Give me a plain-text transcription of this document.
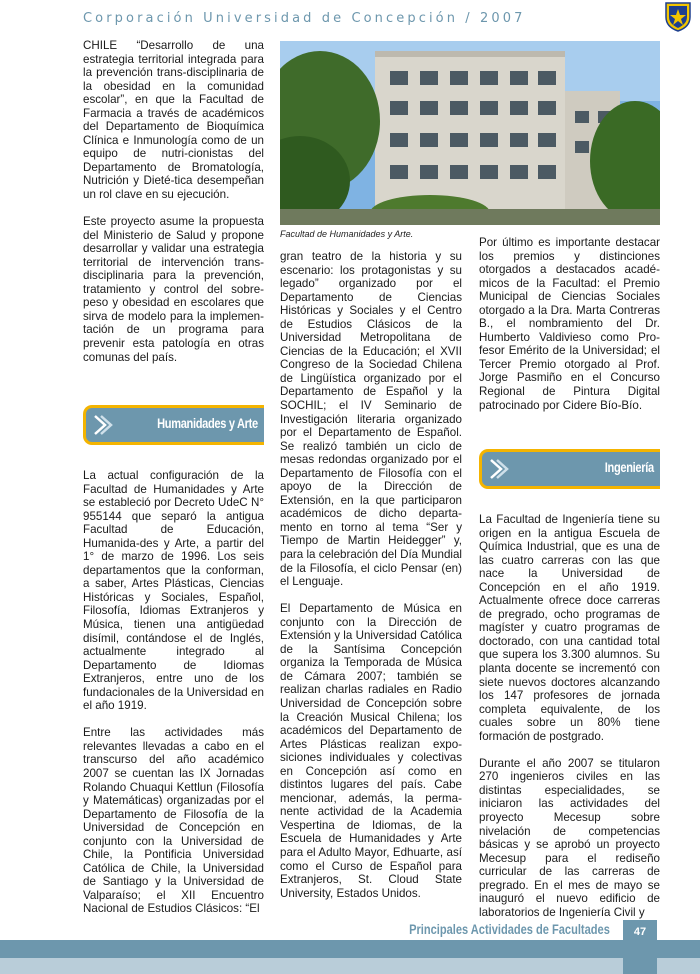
Corporación Universidad de Concepción / 2007

CHILE “Desarrollo de una estrategia territorial integrada para la prevención trans-disciplinaria de la obesidad en la comunidad escolar”, en que la Facultad de Farmacia a través de académicos del Departamento de Bioquímica Clínica e Inmunología como de un equipo de nutri-cionistas del Departamento de Bromatología, Nutrición y Dieté-tica desempeñan un rol clave en su ejecución.

Este proyecto asume la propuesta del Ministerio de Salud y propone desarrollar y validar una estrategia territorial de intervención trans-disciplinaria para la prevención, tratamiento y control del sobre-peso y obesidad en escolares que sirva de modelo para la implemen-tación de un programa para prevenir esta patología en otras comunas del país.

Humanidades y Arte

La actual configuración de la Facultad de Humanidades y Arte se estableció por Decreto UdeC N° 955144 que separó la antigua Facultad de Educación, Humanida-des y Arte, a partir del 1° de marzo de 1996. Los seis departamentos que la conforman, a saber, Artes Plásticas, Ciencias Históricas y Sociales, Español, Filosofía, Idiomas Extranjeros y Música, tienen una antigüedad disímil, contándose el de Inglés, actualmente integrado al Departamento de Idiomas Extranjeros, entre uno de los fundacionales de la Universidad en el año 1919.

Entre las actividades más relevantes llevadas a cabo en el transcurso del año académico 2007 se cuentan las IX Jornadas Rolando Chuaqui Kettlun (Filosofía y Matemáticas) organizadas por el Departamento de Filosofía de la Universidad de Concepción en conjunto con la Universidad de Chile, la Pontificia Universidad Católica de Chile, la Universidad de Santiago y la Universidad de Valparaíso; el XII Encuentro Nacional de Estudios Clásicos: “El

Facultad de Humanidades y Arte.

gran teatro de la historia y su escenario: los protagonistas y su legado” organizado por el Departamento de Ciencias Históricas y Sociales y el Centro de Estudios Clásicos de la Universidad Metropolitana de Ciencias de la Educación; el XVII Congreso de la Sociedad Chilena de Lingüística organizado por el Departamento de Español y la SOCHIL; el IV Seminario de Investigación literaria organizado por el Departamento de Español. Se realizó también un ciclo de mesas redondas organizado por el Departamento de Filosofía con el apoyo de la Dirección de Extensión, en la que participaron académicos de dicho departa-mento en torno al tema “Ser y Tiempo de Martin Heidegger” y, para la celebración del Día Mundial de la Filosofía, el ciclo Pensar (en) el Lenguaje.

El Departamento de Música en conjunto con la Dirección de Extensión y la Universidad Católica de la Santísima Concepción organiza la Temporada de Música de Cámara 2007; también se realizan charlas radiales en Radio Universidad de Concepción sobre la Creación Musical Chilena; los académicos del Departamento de Artes Plásticas realizan expo-siciones individuales y colectivas en Concepción así como en distintos lugares del país. Cabe mencionar, además, la perma-nente actividad de la Academia Vespertina de Idiomas, de la Escuela de Humanidades y Arte para el Adulto Mayor, Edhuarte, así como el Curso de Español para Extranjeros, St. Cloud State University, Estados Unidos.

Por último es importante destacar los premios y distinciones otorgados a destacados acadé-micos de la Facultad: el Premio Municipal de Ciencias Sociales otorgado a la Dra. Marta Contreras B., el nombramiento del Dr. Humberto Valdivieso como Pro-fesor Emérito de la Universidad; el Tercer Premio otorgado al Prof. Jorge Pasmiño en el Concurso Regional de Pintura Digital patrocinado por Cidere Bío-Bío.

Ingeniería

La Facultad de Ingeniería tiene su origen en la antigua Escuela de Química Industrial, que es una de las cuatro carreras con las que nace la Universidad de Concepción en el año 1919. Actualmente ofrece doce carreras de pregrado, ocho programas de magíster y cuatro programas de doctorado, con una cantidad total que supera los 3.300 alumnos. Su planta docente se incrementó con siete nuevos doctores alcanzando los 147 profesores de jornada completa equivalente, de los cuales sobre un 80% tiene formación de postgrado.

Durante el año 2007 se titularon 270 ingenieros civiles en las distintas especialidades, se iniciaron las actividades del proyecto Mecesup sobre nivelación de competencias básicas y se aprobó un proyecto Mecesup para el rediseño curricular de las carreras de pregrado. En el mes de mayo se inauguró el nuevo edificio de laboratorios de Ingeniería Civil y

Principales Actividades de Facultades	47
